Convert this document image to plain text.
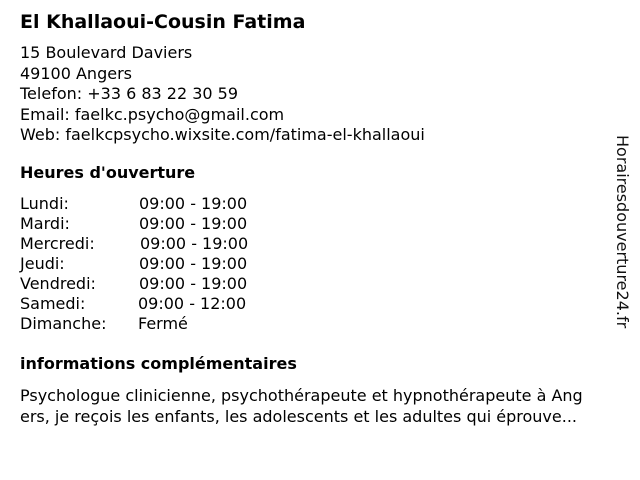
El Khallaoui-Cousin Fatima
15 Boulevard Daviers
49100 Angers
Telefon: +33 6 83 22 30 59
Email: faelkc.psycho@gmail.com
Web: faelkcpsycho.wixsite.com/fatima-el-khallaoui
Heures d'ouverture
Lundi:	09:00 - 19:00
Mardi:	09:00 - 19:00
Mercredi:	09:00 - 19:00
Jeudi:	09:00 - 19:00
Vendredi:	09:00 - 19:00
Samedi:	09:00 - 12:00
Dimanche: Fermé
informations complémentaires
Psychologue clinicienne, psychothérapeute et hypnothérapeute à Ang
ers, je reçois les enfants, les adolescents et les adultes qui éprouve...
Horairesdouverture24.fr
